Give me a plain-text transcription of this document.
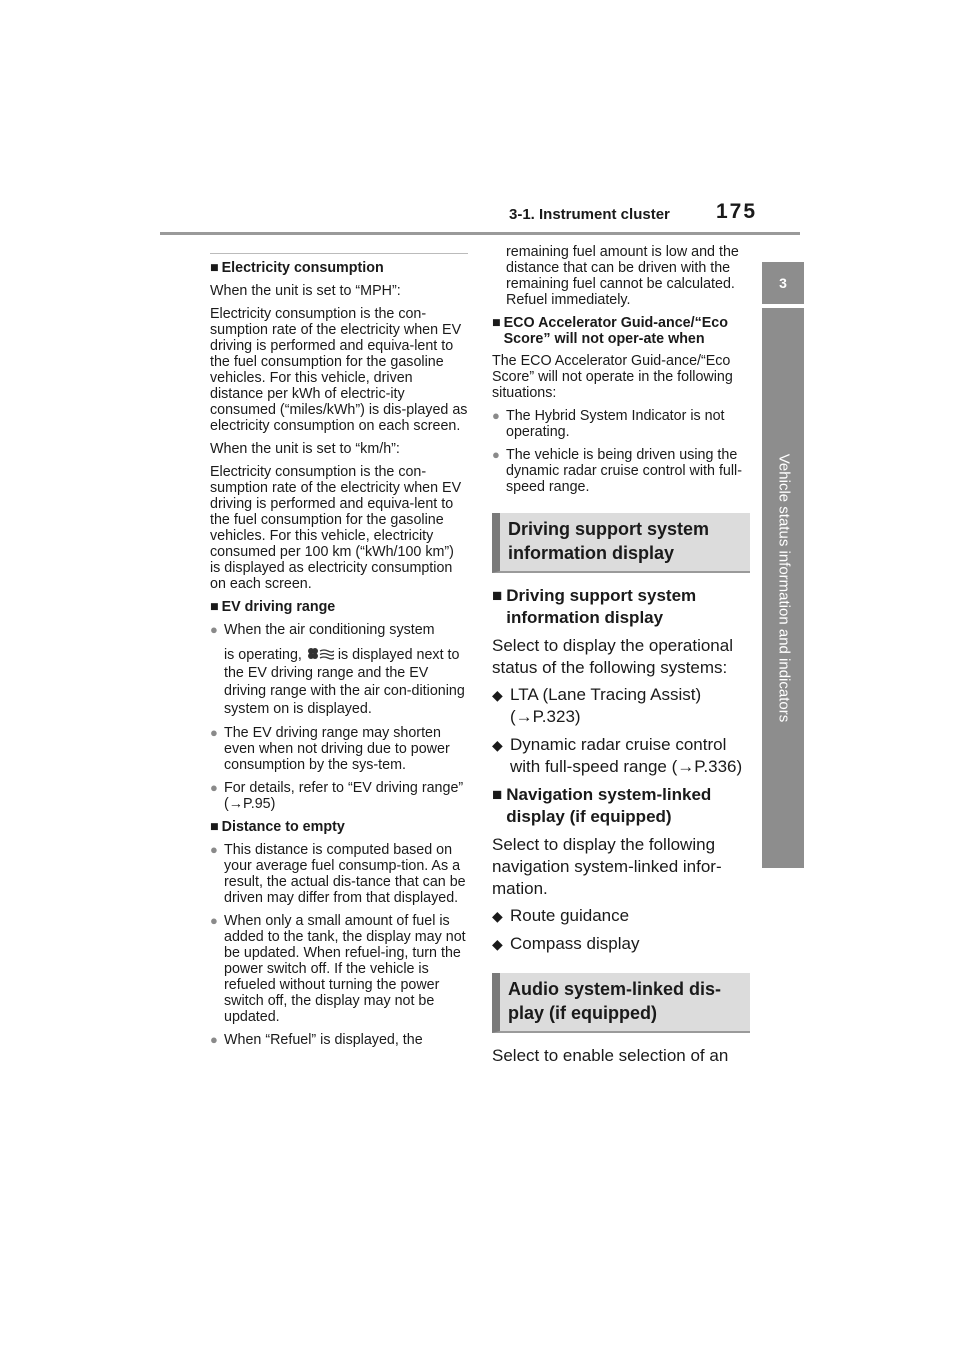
3-1. Instrument cluster 175
3
Vehicle status information and indicators
■ Electricity consumption

When the unit is set to “MPH”:

Electricity consumption is the con-sumption rate of the electricity when EV driving is performed and equiva-lent to the fuel consumption for the gasoline vehicles. For this vehicle, driven distance per kWh of electric-ity consumed (“miles/kWh”) is dis-played as electricity consumption on each screen.

When the unit is set to “km/h”:

Electricity consumption is the con-sumption rate of the electricity when EV driving is performed and equiva-lent to the fuel consumption for the gasoline vehicles. For this vehicle, electricity consumed per 100 km (“kWh/100 km”) is displayed as electricity consumption on each screen.

■ EV driving range
● When the air conditioning system

is operating,	is displayed next to the EV driving range and the EV driving range with the air con-ditioning system on is displayed.
● The EV driving range may shorten even when not driving due to power consumption by the sys-tem.
● For details, refer to “EV driving range” (→P.95)
■ Distance to empty
● This distance is computed based on your average fuel consump-tion. As a result, the actual dis-tance that can be driven may differ from that displayed.
● When only a small amount of fuel is added to the tank, the display may not be updated. When refuel-ing, turn the power switch off. If the vehicle is refueled without turning the power switch off, the display may not be updated.
● When “Refuel” is displayed, the

remaining fuel amount is low and the distance that can be driven with the remaining fuel cannot be calculated. Refuel immediately.

■ ECO Accelerator Guid-ance/“Eco Score” will not oper-ate when

The ECO Accelerator Guid-ance/“Eco Score” will not operate in the following situations:

● The Hybrid System Indicator is not operating.
● The vehicle is being driven using the dynamic radar cruise control with full-speed range.
Driving support system information display
■ Driving support system information display

Select to display the operational status of the following systems:

◆ LTA (Lane Tracing Assist) (→P.323)
◆ Dynamic radar cruise control with full-speed range (→P.336)
■ Navigation system-linked display (if equipped)

Select to display the following navigation system-linked infor-mation.

◆ Route guidance
◆ Compass display
Audio system-linked dis-play (if equipped)

Select to enable selection of an
